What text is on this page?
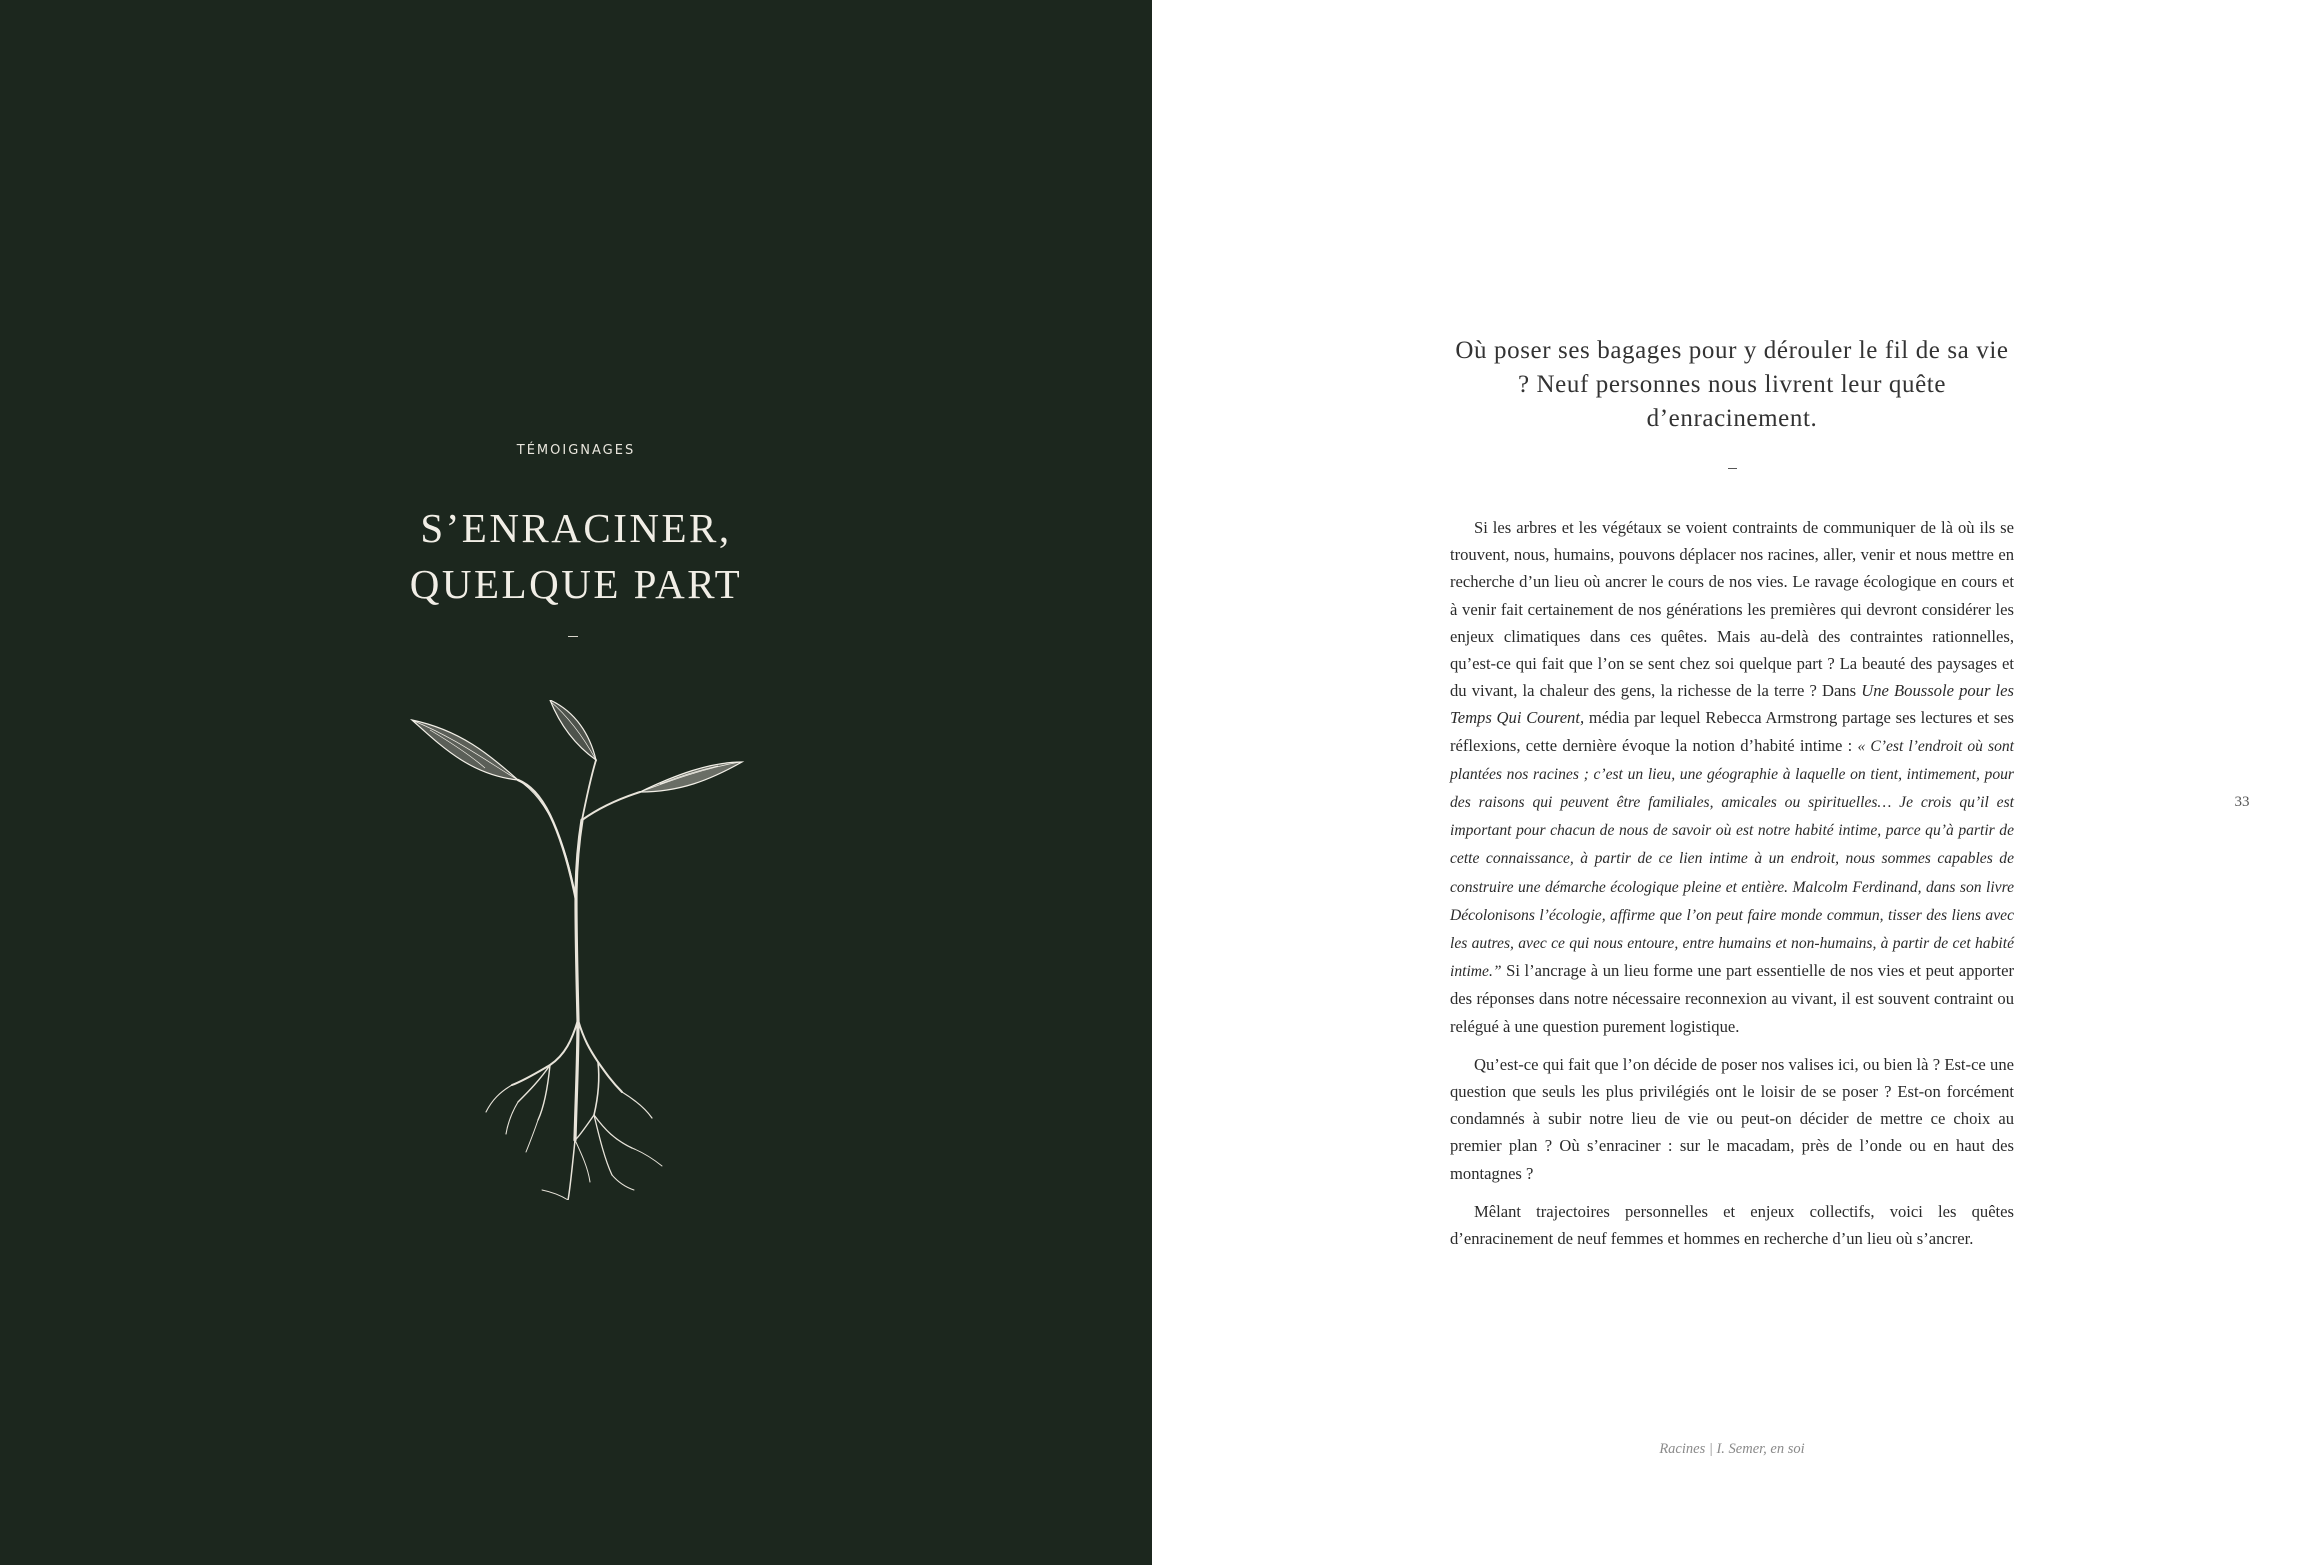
TÉMOIGNAGES
S’ENRACINER,
QUELQUE PART
Où poser ses bagages pour y dérouler le fil de sa vie ? Neuf personnes nous livrent leur quête d’enracinement.

Si les arbres et les végétaux se voient contraints de communiquer de là où ils se trouvent, nous, humains, pouvons déplacer nos racines, aller, venir et nous mettre en recherche d’un lieu où ancrer le cours de nos vies. Le ravage écologique en cours et à venir fait certainement de nos générations les premières qui devront considérer les enjeux climatiques dans ces quêtes. Mais au-delà des contraintes rationnelles, qu’est-ce qui fait que l’on se sent chez soi quelque part ? La beauté des paysages et du vivant, la chaleur des gens, la richesse de la terre ? Dans Une Boussole pour les Temps Qui Courent, média par lequel Rebecca Armstrong partage ses lectures et ses réflexions, cette dernière évoque la notion d’habité intime : « C’est l’endroit où sont plantées nos racines ; c’est un lieu, une géographie à laquelle on tient, intimement, pour des raisons qui peuvent être familiales, amicales ou spirituelles… Je crois qu’il est important pour chacun de nous de savoir où est notre habité intime, parce qu’à partir de cette connaissance, à partir de ce lien intime à un endroit, nous sommes capables de construire une démarche écologique pleine et entière. Malcolm Ferdinand, dans son livre Décolonisons l’écologie, affirme que l’on peut faire monde commun, tisser des liens avec les autres, avec ce qui nous entoure, entre humains et non-humains, à partir de cet habité intime.” Si l’ancrage à un lieu forme une part essentielle de nos vies et peut apporter des réponses dans notre nécessaire reconnexion au vivant, il est souvent contraint ou relégué à une question purement logistique.

Qu’est-ce qui fait que l’on décide de poser nos valises ici, ou bien là ? Est-ce une question que seuls les plus privilégiés ont le loisir de se poser ? Est-on forcément condamnés à subir notre lieu de vie ou peut-on décider de mettre ce choix au premier plan ? Où s’enraciner : sur le macadam, près de l’onde ou en haut des montagnes ?

Mêlant trajectoires personnelles et enjeux collectifs, voici les quêtes d’enracinement de neuf femmes et hommes en recherche d’un lieu où s’ancrer.

33
Racines | I. Semer, en soi
